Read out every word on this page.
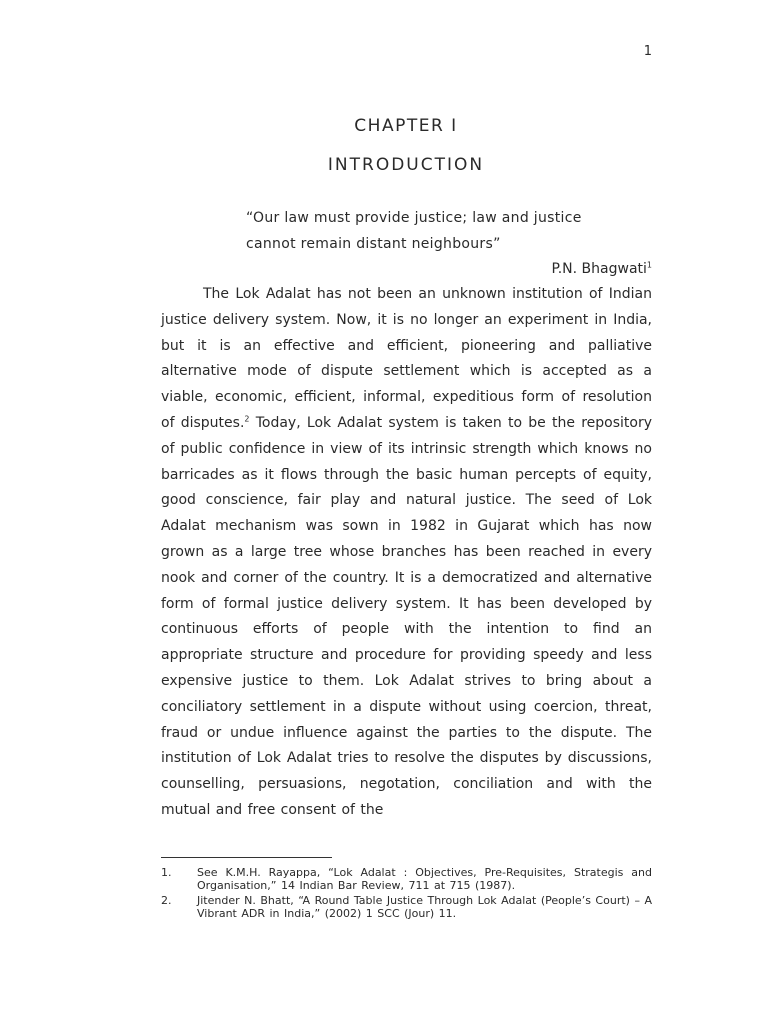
1
CHAPTER I
INTRODUCTION
“Our law must provide justice; law and justice
cannot remain distant neighbours”
P.N. Bhagwati$^1$
The Lok Adalat has not been an unknown institution of Indian justice delivery system. Now, it is no longer an experiment in India, but it is an effective and efficient, pioneering and palliative alternative mode of dispute settlement which is accepted as a viable, economic, efficient, informal, expeditious form of resolution of disputes.$^2$ Today, Lok Adalat system is taken to be the repository of public confidence in view of its intrinsic strength which knows no barricades as it flows through the basic human percepts of equity, good conscience, fair play and natural justice. The seed of Lok Adalat mechanism was sown in 1982 in Gujarat which has now grown as a large tree whose branches has been reached in every nook and corner of the country. It is a democratized and alternative form of formal justice delivery system. It has been developed by continuous efforts of people with the intention to find an appropriate structure and procedure for providing speedy and less expensive justice to them. Lok Adalat strives to bring about a conciliatory settlement in a dispute without using coercion, threat, fraud or undue influence against the parties to the dispute. The institution of Lok Adalat tries to resolve the disputes by discussions, counselling, persuasions, negotation, conciliation and with the mutual and free consent of the
1.	See K.M.H. Rayappa, “Lok Adalat : Objectives, Pre-Requisites, Strategis and Organisation,” 14 Indian Bar Review, 711 at 715 (1987).
2.	Jitender N. Bhatt, “A Round Table Justice Through Lok Adalat (People’s Court) – A Vibrant ADR in India,” (2002) 1 SCC (Jour) 11.
